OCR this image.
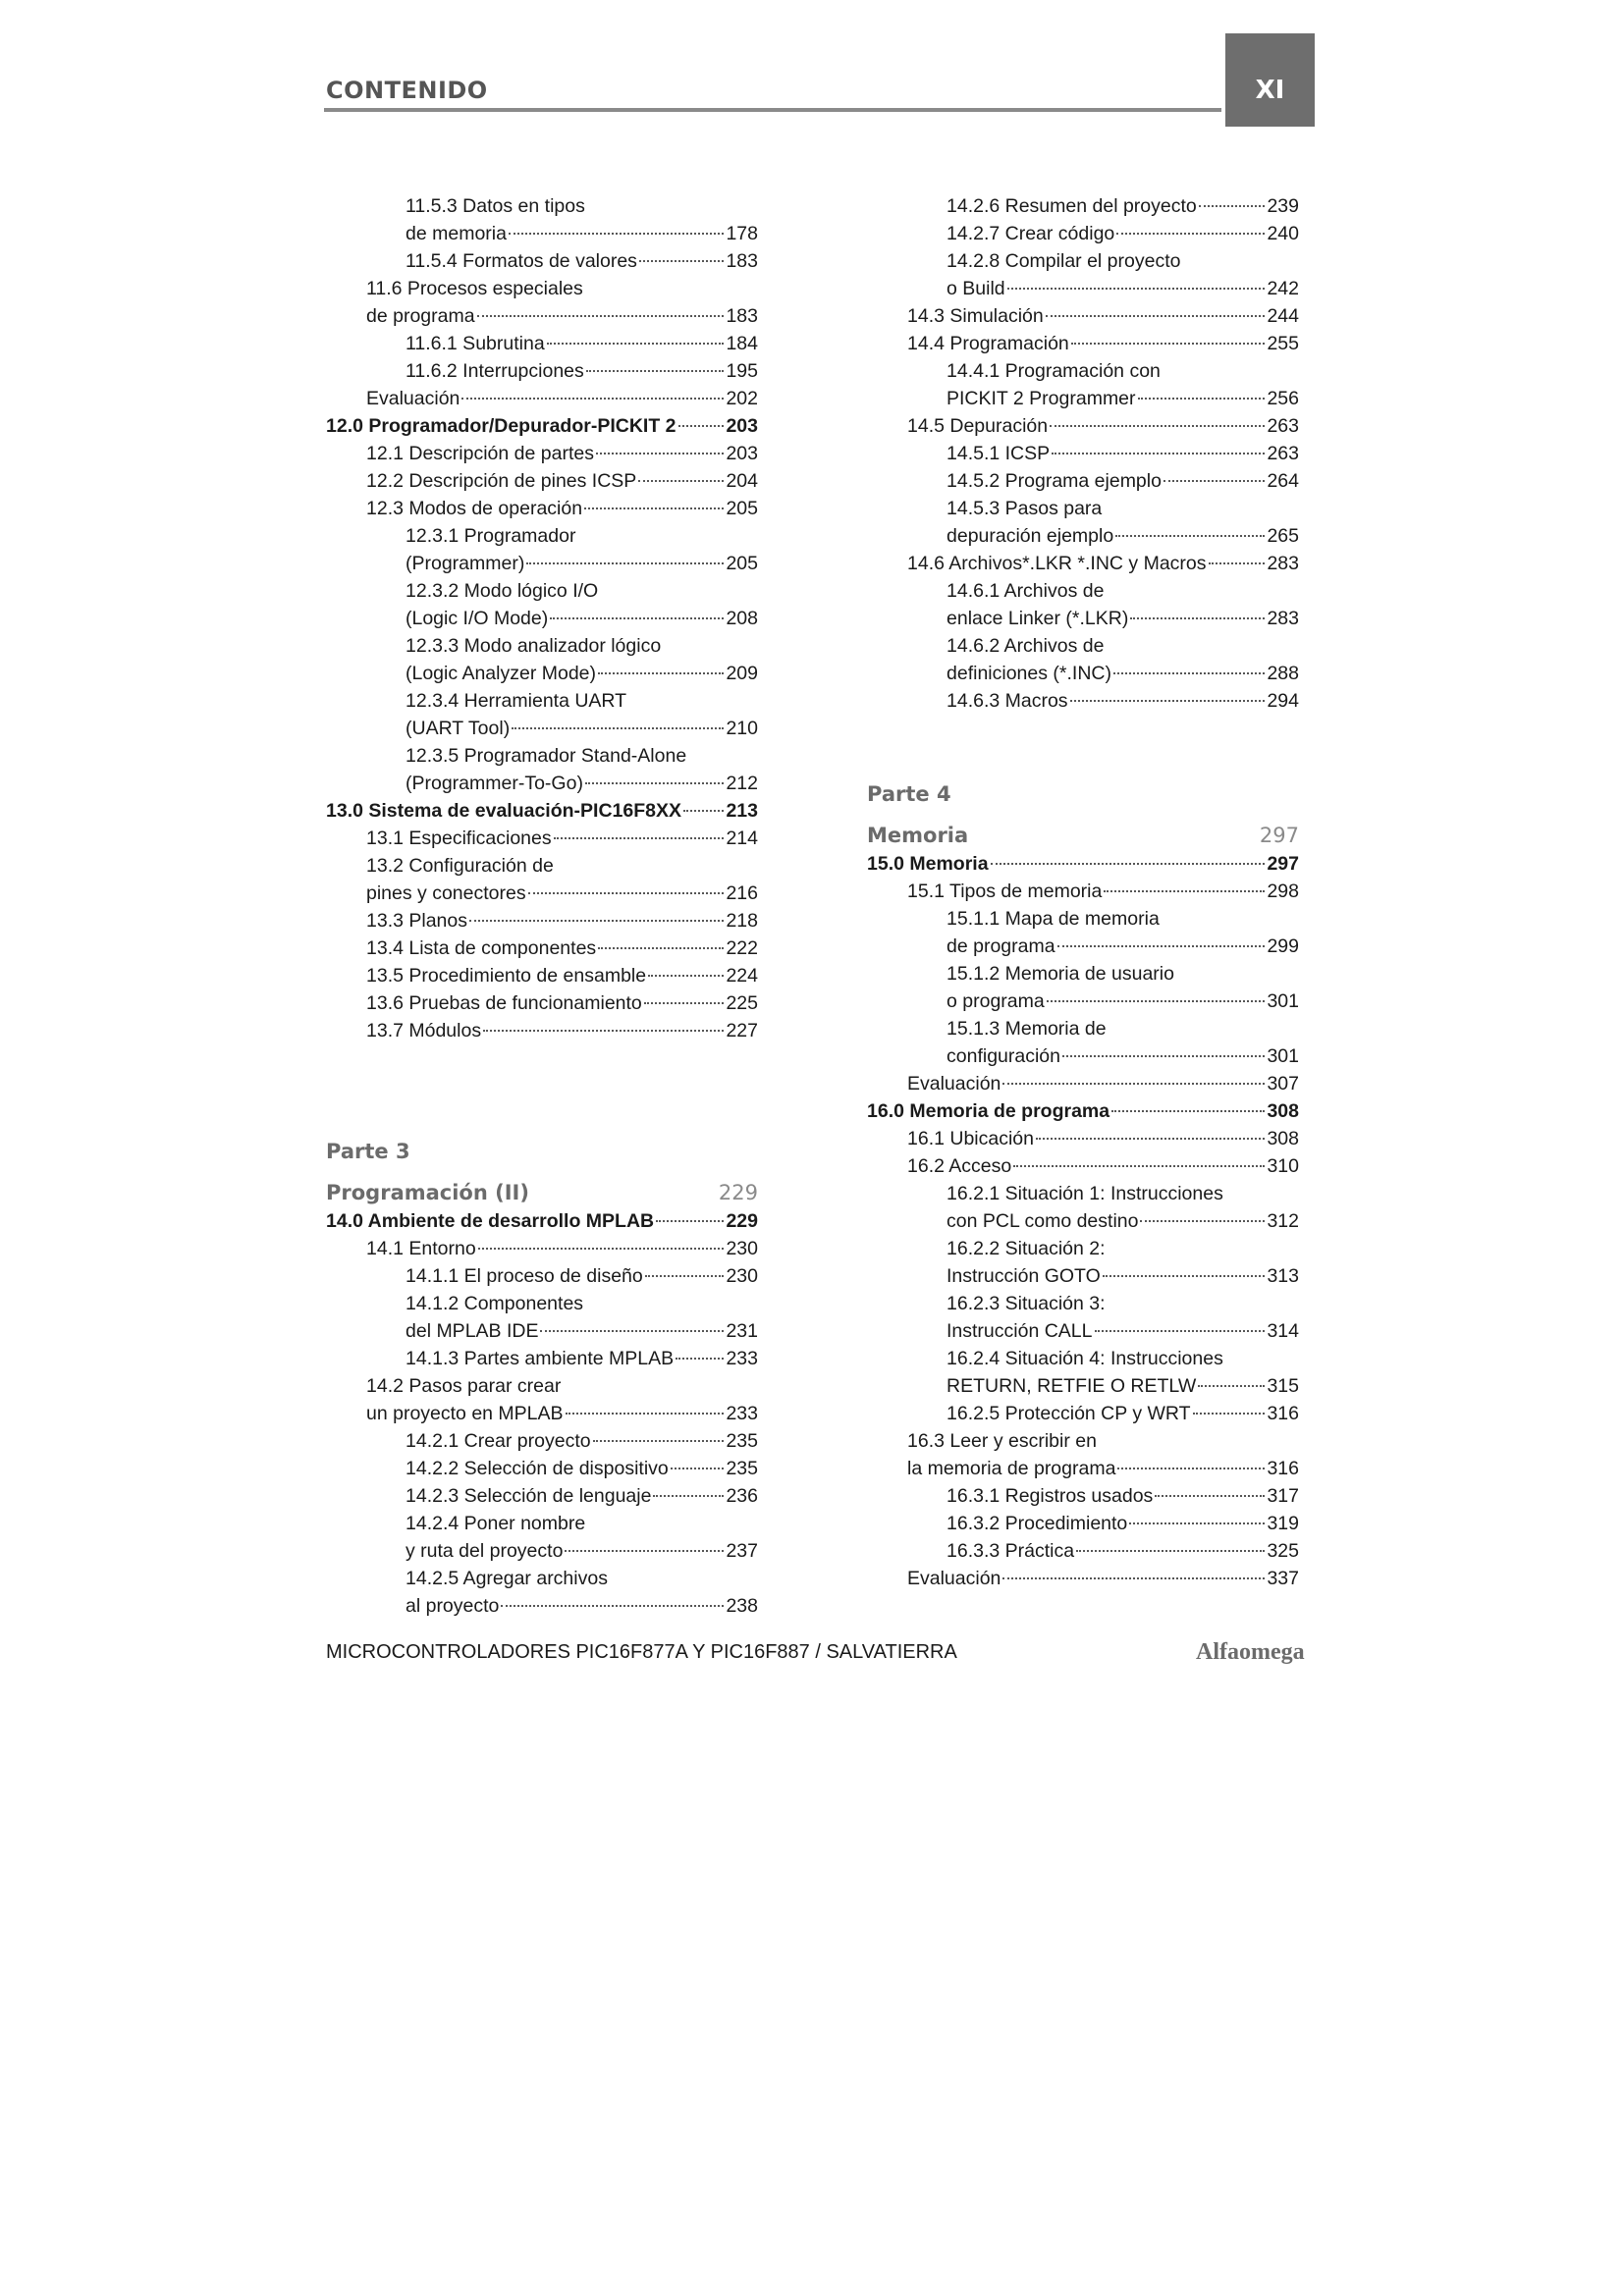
CONTENIDO	XI
11.5.3 Datos en tipos
de memoria	178
11.5.4 Formatos de valores	183
11.6 Procesos especiales
de programa	183
11.6.1 Subrutina	184
11.6.2 Interrupciones	195
Evaluación	202
12.0 Programador/Depurador-PICKIT 2	203
12.1 Descripción de partes	203
12.2 Descripción de pines ICSP	204
12.3 Modos de operación	205
12.3.1 Programador
(Programmer)	205
12.3.2 Modo lógico I/O
(Logic I/O Mode)	208
12.3.3 Modo analizador lógico
(Logic Analyzer Mode)	209
12.3.4 Herramienta UART
(UART Tool)	210
12.3.5 Programador Stand-Alone
(Programmer-To-Go)	212
13.0 Sistema de evaluación-PIC16F8XX 213
13.1 Especificaciones	214
13.2 Configuración de
pines y conectores	216
13.3 Planos	218
13.4 Lista de componentes	222
13.5 Procedimiento de ensamble	224
13.6 Pruebas de funcionamiento	225
13.7 Módulos	227
Parte 3
Programación (II)	229
14.0 Ambiente de desarrollo MPLAB	229
14.1 Entorno	230
14.1.1 El proceso de diseño	230
14.1.2 Componentes
del MPLAB IDE	231
14.1.3 Partes ambiente MPLAB	233
14.2 Pasos parar crear
un proyecto en MPLAB	233
14.2.1 Crear proyecto	235
14.2.2 Selección de dispositivo	235
14.2.3 Selección de lenguaje	236
14.2.4 Poner nombre
y ruta del proyecto	237
14.2.5 Agregar archivos
al proyecto	238
14.2.6 Resumen del proyecto	239
14.2.7 Crear código	240
14.2.8 Compilar el proyecto
o Build	242
14.3 Simulación	244
14.4 Programación	255
14.4.1 Programación con
PICKIT 2 Programmer	256
14.5 Depuración	263
14.5.1 ICSP	263
14.5.2 Programa ejemplo	264
14.5.3 Pasos para
depuración ejemplo	265
14.6 Archivos*.LKR *.INC y Macros	283
14.6.1 Archivos de
enlace Linker (*.LKR)	283
14.6.2 Archivos de
definiciones (*.INC)	288
14.6.3 Macros	294
Parte 4
Memoria	297
15.0 Memoria	297
15.1 Tipos de memoria	298
15.1.1 Mapa de memoria
de programa	299
15.1.2 Memoria de usuario
o programa	301
15.1.3 Memoria de
configuración	301
Evaluación	307
16.0 Memoria de programa	308
16.1 Ubicación	308
16.2 Acceso	310
16.2.1 Situación 1: Instrucciones
con PCL como destino	312
16.2.2 Situación 2:
Instrucción GOTO	313
16.2.3 Situación 3:
Instrucción CALL	314
16.2.4 Situación 4: Instrucciones
RETURN, RETFIE O RETLW	315
16.2.5 Protección CP y WRT	316
16.3 Leer y escribir en
la memoria de programa	316
16.3.1 Registros usados	317
16.3.2 Procedimiento	319
16.3.3 Práctica	325
Evaluación	337
MICROCONTROLADORES PIC16F877A Y PIC16F887 / SALVATIERRA	Alfaomega
